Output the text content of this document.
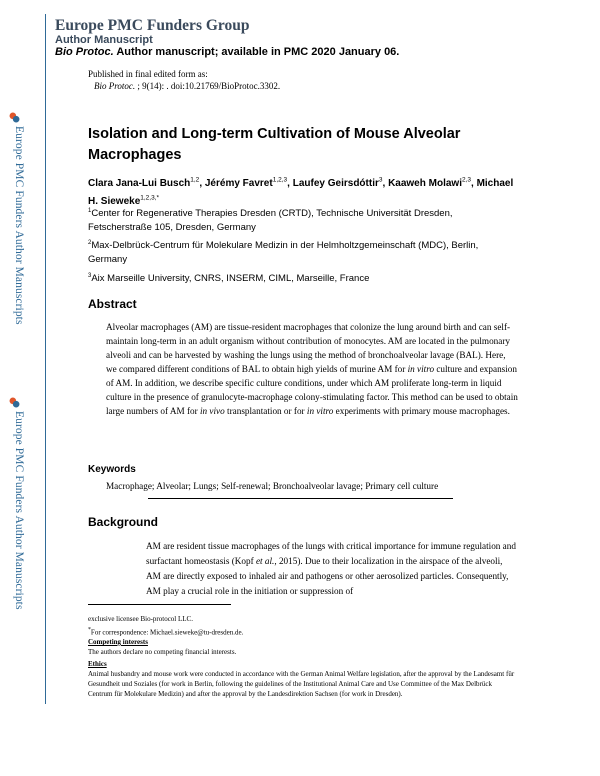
Europe PMC Funders Group
Author Manuscript
Bio Protoc. Author manuscript; available in PMC 2020 January 06.
Europe PMC Funders Author Manuscripts
Europe PMC Funders Author Manuscripts
Published in final edited form as:
Bio Protoc. ; 9(14): . doi:10.21769/BioProtoc.3302.
Isolation and Long-term Cultivation of Mouse Alveolar Macrophages
Clara Jana-Lui Busch$^{1,2}$, Jérémy Favret$^{1,2,3}$, Laufey Geirsdóttir$^3$, Kaaweh Molawi$^{2,3}$, Michael H. Sieweke$^{1,2,3,*}$
$^1$Center for Regenerative Therapies Dresden (CRTD), Technische Universität Dresden, Fetscherstraße 105, Dresden, Germany
$^2$Max-Delbrück-Centrum für Molekulare Medizin in der Helmholtzgemeinschaft (MDC), Berlin, Germany
$^3$Aix Marseille University, CNRS, INSERM, CIML, Marseille, France
Abstract
Alveolar macrophages (AM) are tissue-resident macrophages that colonize the lung around birth and can self-maintain long-term in an adult organism without contribution of monocytes. AM are located in the pulmonary alveoli and can be harvested by washing the lungs using the method of bronchoalveolar lavage (BAL). Here, we compared different conditions of BAL to obtain high yields of murine AM for in vitro culture and expansion of AM. In addition, we describe specific culture conditions, under which AM proliferate long-term in liquid culture in the presence of granulocyte-macrophage colony-stimulating factor. This method can be used to obtain large numbers of AM for in vivo transplantation or for in vitro experiments with primary mouse macrophages.
Keywords
Macrophage; Alveolar; Lungs; Self-renewal; Bronchoalveolar lavage; Primary cell culture
Background
AM are resident tissue macrophages of the lungs with critical importance for immune regulation and surfactant homeostasis (Kopf et al., 2015). Due to their localization in the airspace of the alveoli, AM are directly exposed to inhaled air and pathogens or other aerosolized particles. Consequently, AM play a crucial role in the initiation or suppression of
exclusive licensee Bio-protocol LLC.
*For correspondence: Michael.sieweke@tu-dresden.de.
Competing interests
The authors declare no competing financial interests.
Ethics
Animal husbandry and mouse work were conducted in accordance with the German Animal Welfare legislation, after the approval by the Landesamt für Gesundheit und Soziales (for work in Berlin, following the guidelines of the Institutional Animal Care and Use Committee of the Max Delbrück Centrum für Molekulare Medizin) and after the approval by the Landesdirektion Sachsen (for work in Dresden).
